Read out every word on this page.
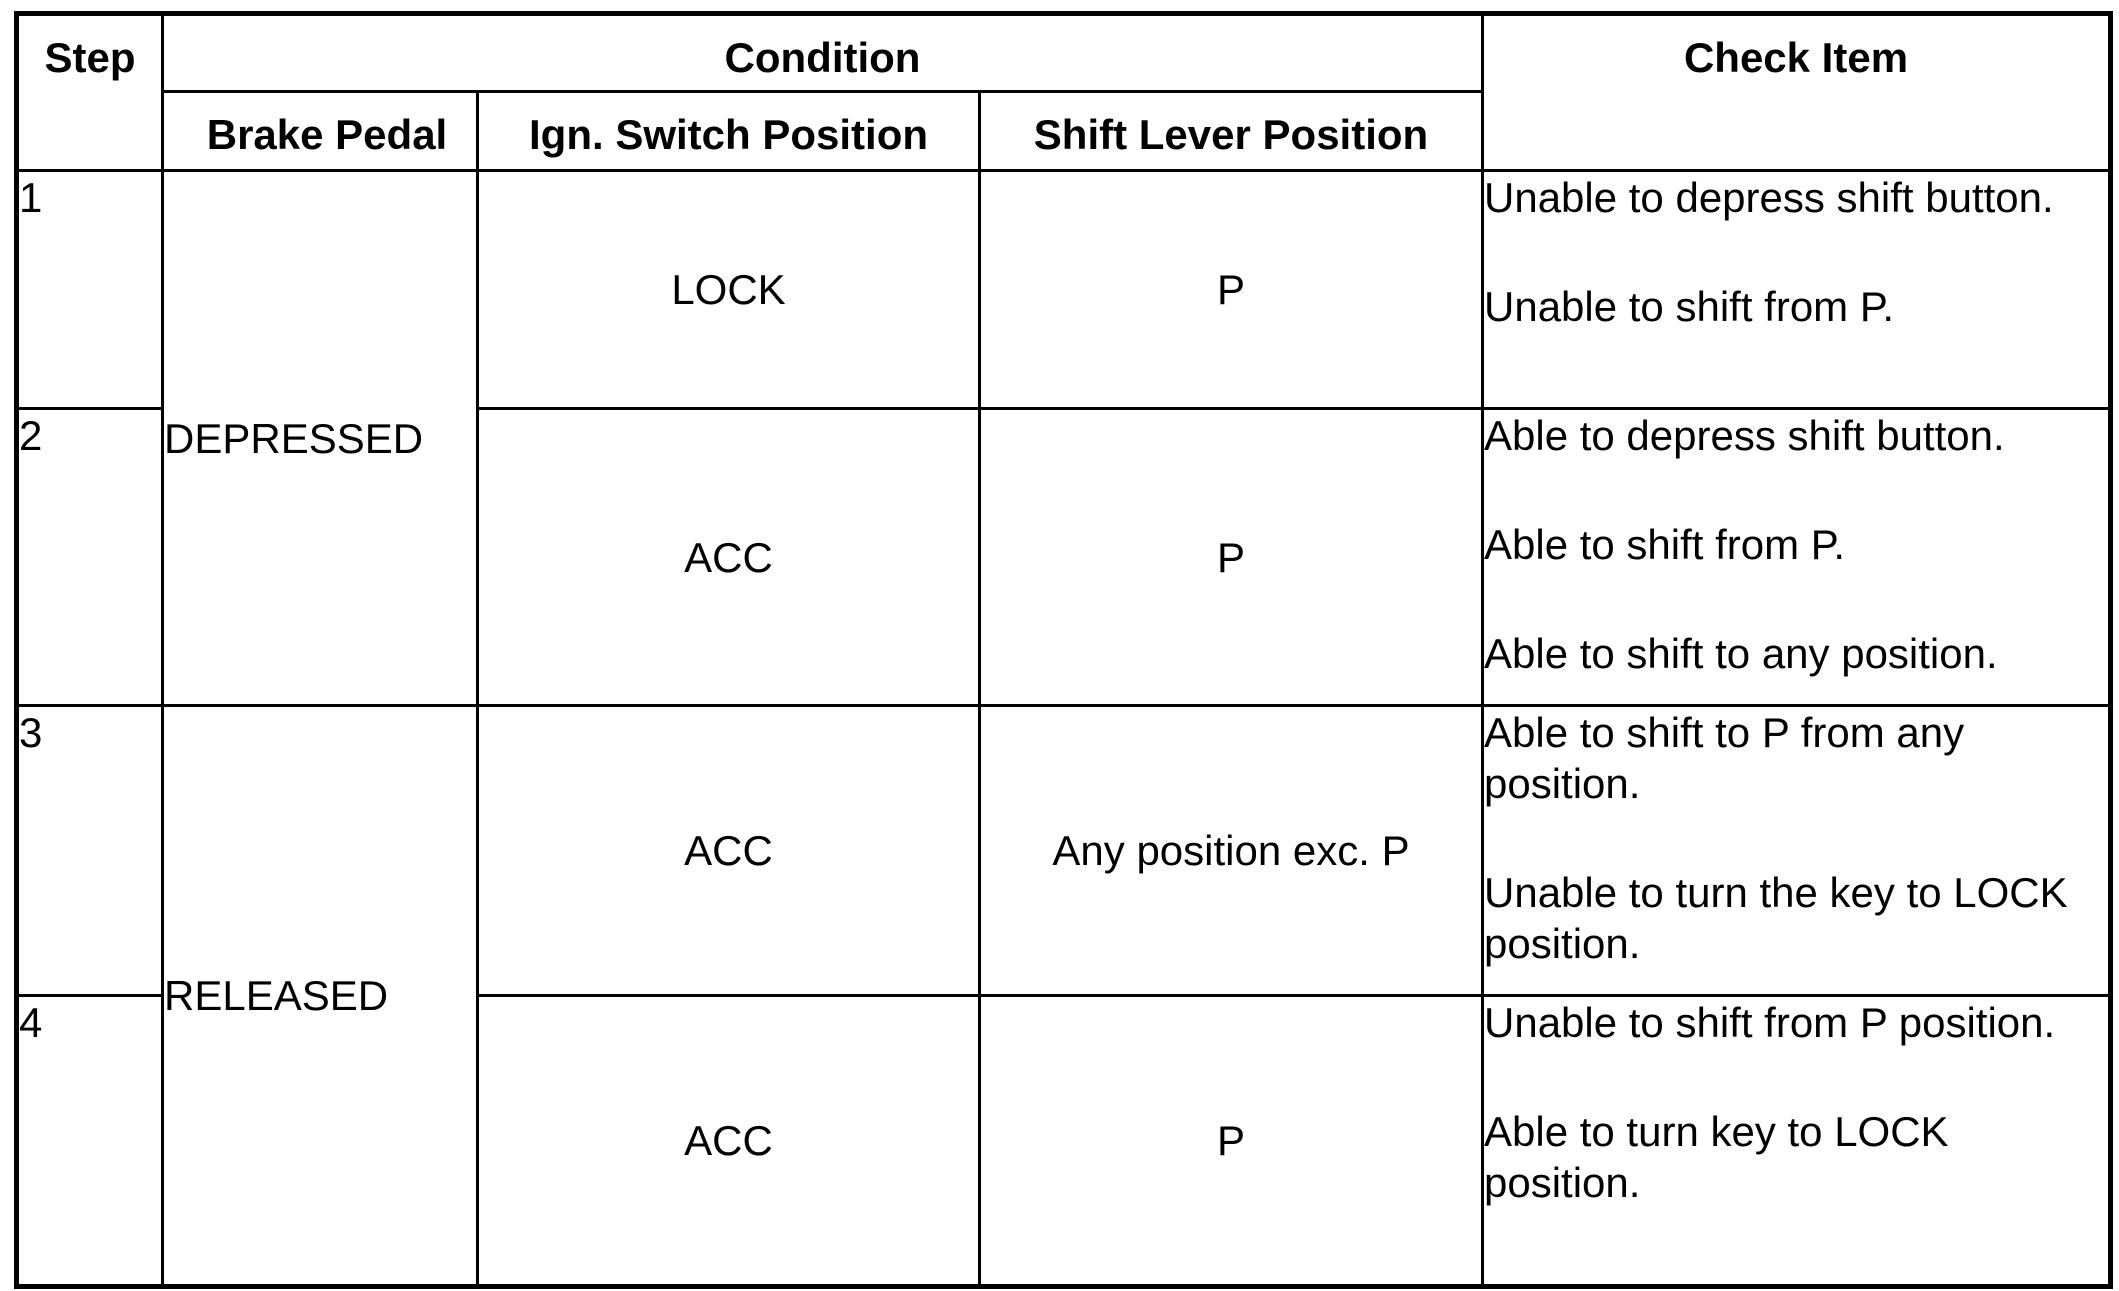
Step	Condition			Check Item
	Brake Pedal	Ign. Switch Position	Shift Lever Position	
1	DEPRESSED	LOCK	P	Unable to depress shift button.
Unable to shift from P.

2		ACC	P	Able to depress shift button.
Able to shift from P.
Able to shift to any position.

3	RELEASED	ACC	Any position exc. P	Able to shift to P from any position.
Unable to turn the key to LOCK position.

4		ACC	P	Unable to shift from P position.
Able to turn key to LOCK position.
